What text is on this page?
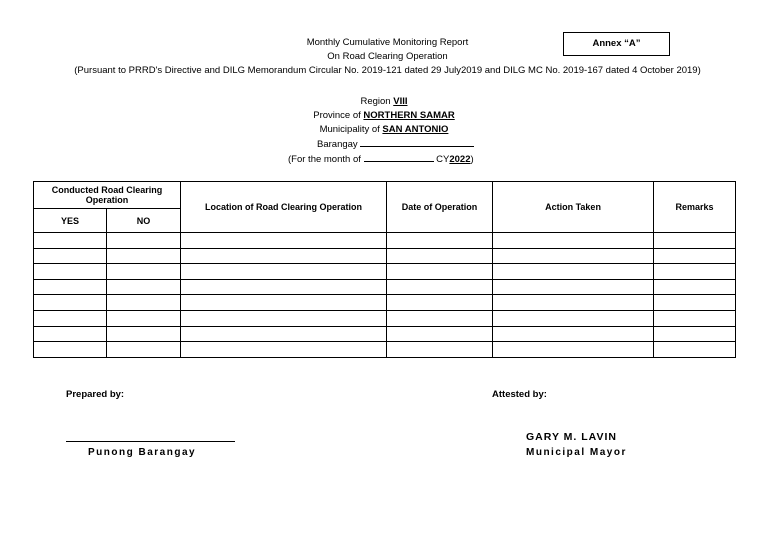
Monthly Cumulative Monitoring Report
On Road Clearing Operation
(Pursuant to PRRD's Directive and DILG Memorandum Circular No. 2019-121 dated 29 July2019 and DILG MC No. 2019-167 dated 4 October 2019)
Annex “A”
Region VIII
Province of NORTHERN SAMAR
Municipality of SAN ANTONIO
Barangay
(For the month of	CY2022)
Conducted Road Clearing Operation		Location of Road Clearing Operation	Date of Operation	Action Taken	Remarks
YES	NO				

Prepared by:
Punong Barangay
Attested by:
GARY M. LAVIN
Municipal Mayor
